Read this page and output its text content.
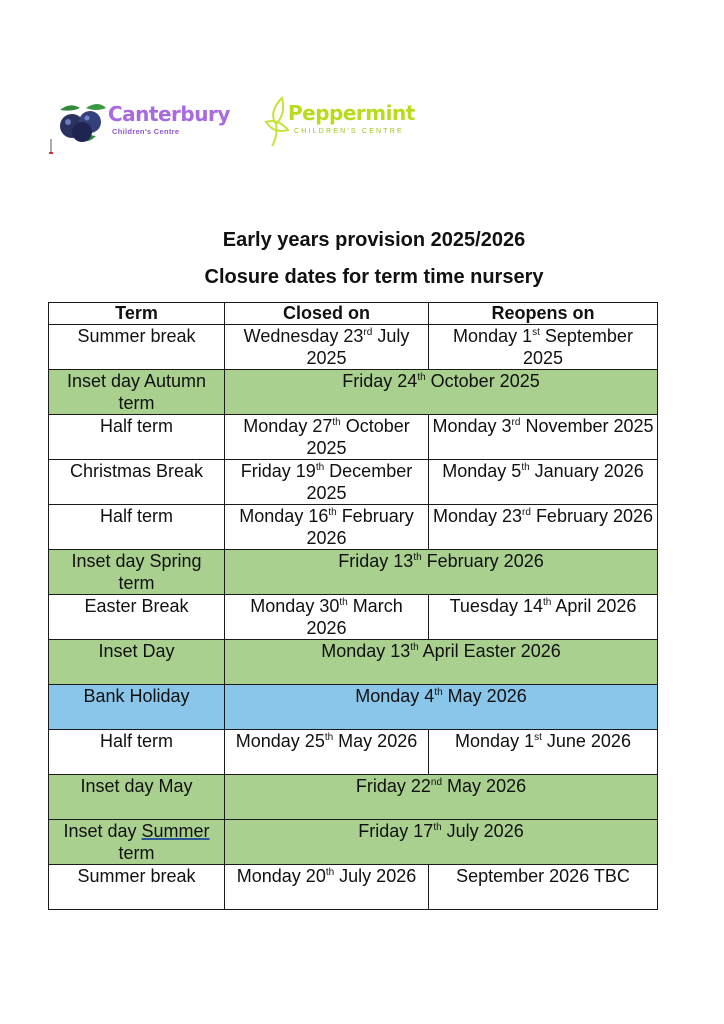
Canterbury
Children's Centre
Peppermint
CHILDREN'S CENTRE
Early years provision 2025/2026
Closure dates for term time nursery
Term	Closed on	Reopens on
Summer break	Wednesday 23rd July 2025	Monday 1st September 2025
Inset day Autumn term	Friday 24th October 2025	
Half term	Monday 27th October 2025	Monday 3rd November 2025
Christmas Break	Friday 19th December 2025	Monday 5th January 2026
Half term	Monday 16th February 2026	Monday 23rd February 2026
Inset day Spring term	Friday 13th February 2026	
Easter Break	Monday 30th March 2026	Tuesday 14th April 2026
Inset Day	Monday 13th April Easter 2026	
Bank Holiday	Monday 4th May 2026	
Half term	Monday 25th May 2026	Monday 1st June 2026
Inset day May	Friday 22nd May 2026	
Inset day Summer term	Friday 17th July 2026	
Summer break	Monday 20th July 2026	September 2026 TBC
